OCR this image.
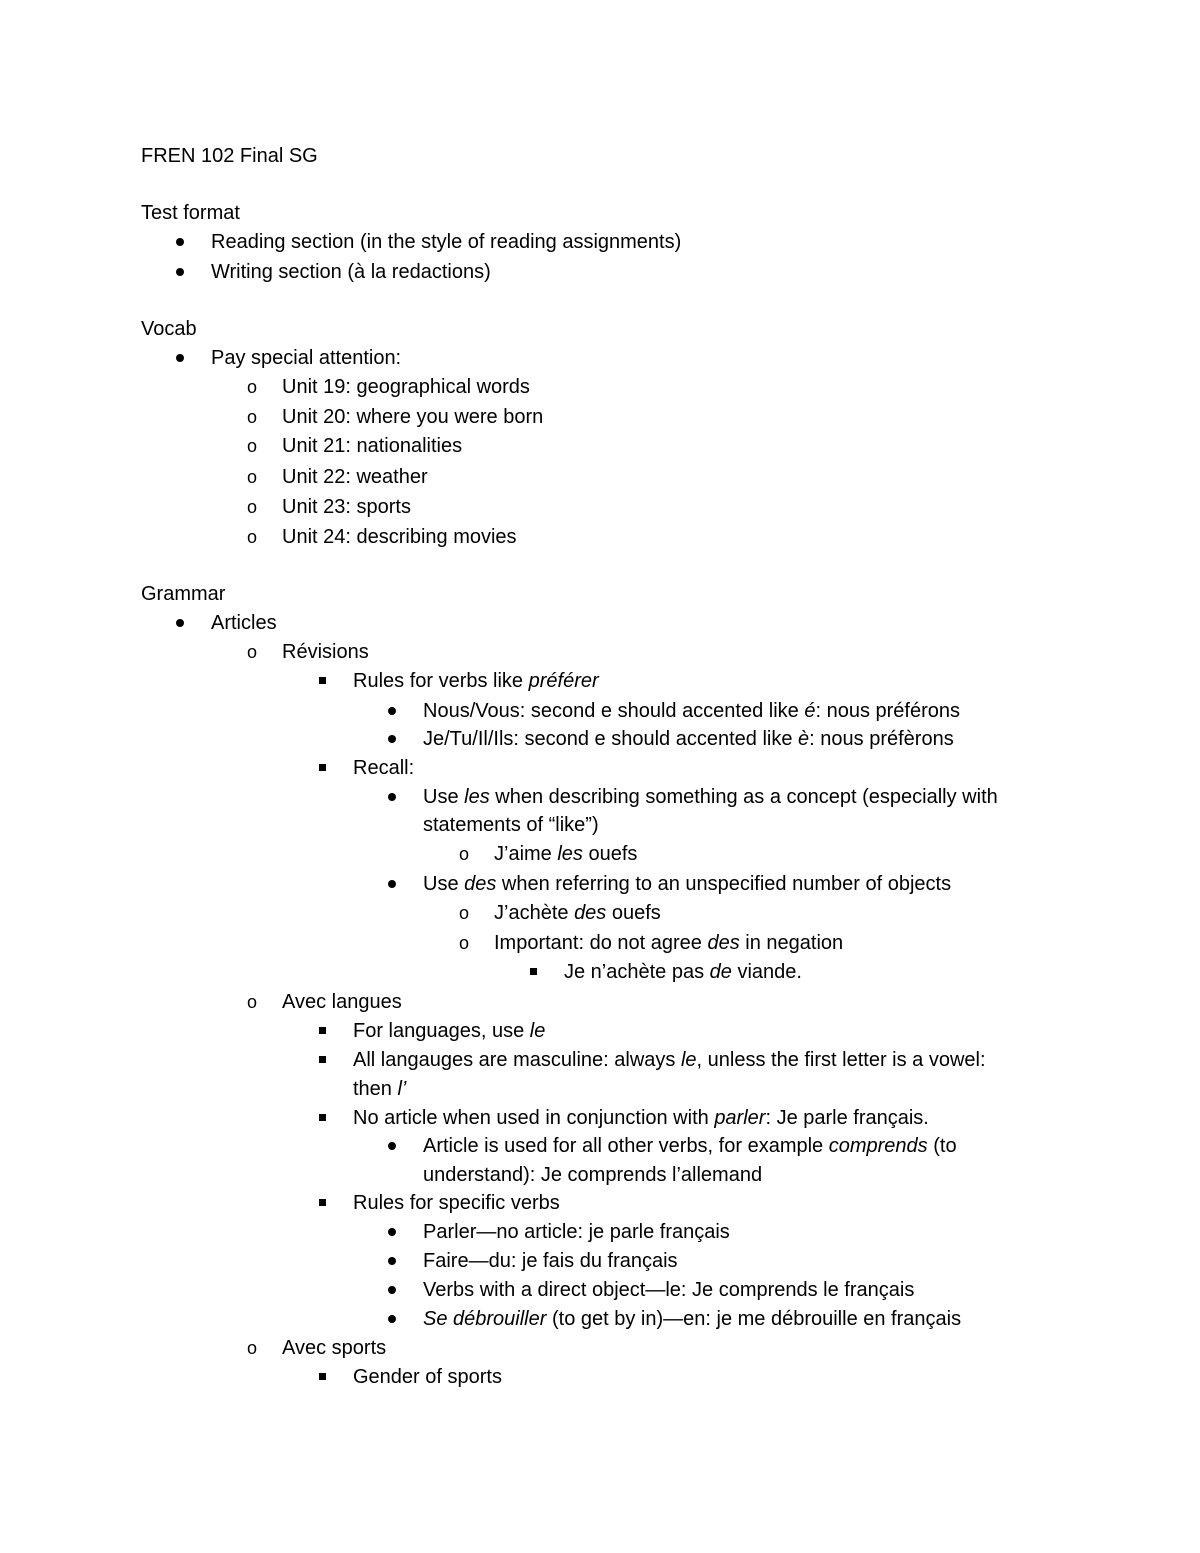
FREN 102 Final SG
Test format
Reading section (in the style of reading assignments)
Writing section (à la redactions)
Vocab
Pay special attention:
o Unit 19: geographical words
o Unit 20: where you were born
o Unit 21: nationalities
o Unit 22: weather
o Unit 23: sports
o Unit 24: describing movies
Grammar
Articles
o Révisions
Rules for verbs like préférer
Nous/Vous: second e should accented like é: nous préférons
Je/Tu/Il/Ils: second e should accented like è: nous préfèrons
Recall:
Use les when describing something as a concept (especially with
statements of “like”)
o J’aime les ouefs
Use des when referring to an unspecified number of objects
o J’achète des ouefs
o Important: do not agree des in negation
Je n’achète pas de viande.
o Avec langues
For languages, use le
All langauges are masculine: always le, unless the first letter is a vowel:
then l’
No article when used in conjunction with parler: Je parle français.
Article is used for all other verbs, for example comprends (to
understand): Je comprends l’allemand
Rules for specific verbs
Parler—no article: je parle français
Faire—du: je fais du français
Verbs with a direct object—le: Je comprends le français
Se débrouiller (to get by in)—en: je me débrouille en français
o Avec sports
Gender of sports
